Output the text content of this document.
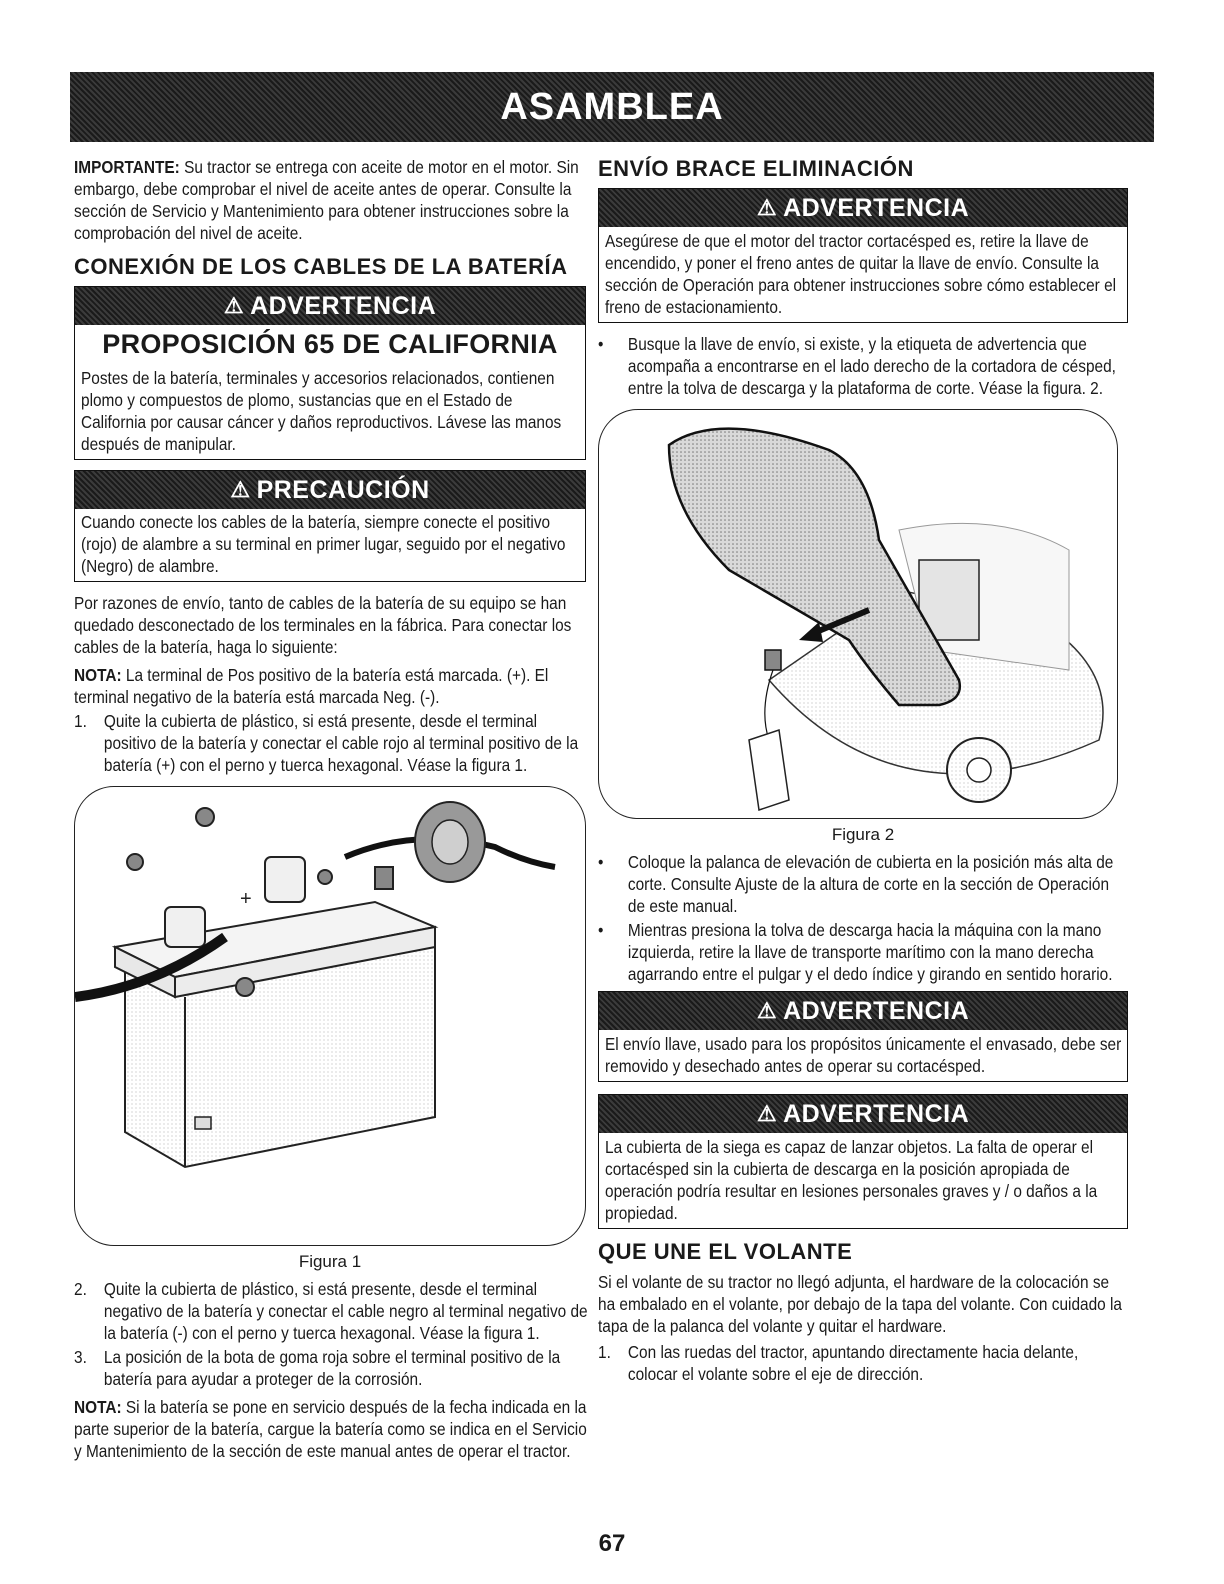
ASAMBLEA

IMPORTANTE: Su tractor se entrega con aceite de motor en el motor. Sin embargo, debe comprobar el nivel de aceite antes de operar. Consulte la sección de Servicio y Mantenimiento para obtener instrucciones sobre la comprobación del nivel de aceite.

CONEXIÓN DE LOS CABLES DE LA BATERÍA
⚠ ADVERTENCIA
PROPOSICIÓN 65 DE CALIFORNIA

Postes de la batería, terminales y accesorios relacionados, contienen plomo y compuestos de plomo, sustancias que en el Estado de California por causar cáncer y daños reproductivos. Lávese las manos después de manipular.

⚠ PRECAUCIÓN

Cuando conecte los cables de la batería, siempre conecte el positivo (rojo) de alambre a su terminal en primer lugar, seguido por el negativo (Negro) de alambre.

Por razones de envío, tanto de cables de la batería de su equipo se han quedado desconectado de los terminales en la fábrica. Para conectar los cables de la batería, haga lo siguiente:

NOTA: La terminal de Pos positivo de la batería está marcada. (+). El terminal negativo de la batería está marcada Neg. (-).

1. Quite la cubierta de plástico, si está presente, desde el terminal positivo de la batería y conectar el cable rojo al terminal positivo de la batería (+) con el perno y tuerca hexagonal. Véase la figura 1.
+
Figura 1
2. Quite la cubierta de plástico, si está presente, desde el terminal negativo de la batería y conectar el cable negro al terminal negativo de la batería (-) con el perno y tuerca hexagonal. Véase la figura 1.
3. La posición de la bota de goma roja sobre el terminal positivo de la batería para ayudar a proteger de la corrosión.

NOTA: Si la batería se pone en servicio después de la fecha indicada en la parte superior de la batería, cargue la batería como se indica en el Servicio y Mantenimiento de la sección de este manual antes de operar el tractor.

ENVÍO BRACE ELIMINACIÓN
⚠ ADVERTENCIA

Asegúrese de que el motor del tractor cortacésped es, retire la llave de encendido, y poner el freno antes de quitar la llave de envío. Consulte la sección de Operación para obtener instrucciones sobre cómo establecer el freno de estacionamiento.

• Busque la llave de envío, si existe, y la etiqueta de advertencia que acompaña a encontrarse en el lado derecho de la cortadora de césped, entre la tolva de descarga y la plataforma de corte. Véase la figura. 2.
Figura 2
• Coloque la palanca de elevación de cubierta en la posición más alta de corte. Consulte Ajuste de la altura de corte en la sección de Operación de este manual.
• Mientras presiona la tolva de descarga hacia la máquina con la mano izquierda, retire la llave de transporte marítimo con la mano derecha agarrando entre el pulgar y el dedo índice y girando en sentido horario.
⚠ ADVERTENCIA

El envío llave, usado para los propósitos únicamente el envasado, debe ser removido y desechado antes de operar su cortacésped.

⚠ ADVERTENCIA

La cubierta de la siega es capaz de lanzar objetos. La falta de operar el cortacésped sin la cubierta de descarga en la posición apropiada de operación podría resultar en lesiones personales graves y / o daños a la propiedad.

QUE UNE EL VOLANTE

Si el volante de su tractor no llegó adjunta, el hardware de la colocación se ha embalado en el volante, por debajo de la tapa del volante. Con cuidado la tapa de la palanca del volante y quitar el hardware.

1. Con las ruedas del tractor, apuntando directamente hacia delante, colocar el volante sobre el eje de dirección.
67
